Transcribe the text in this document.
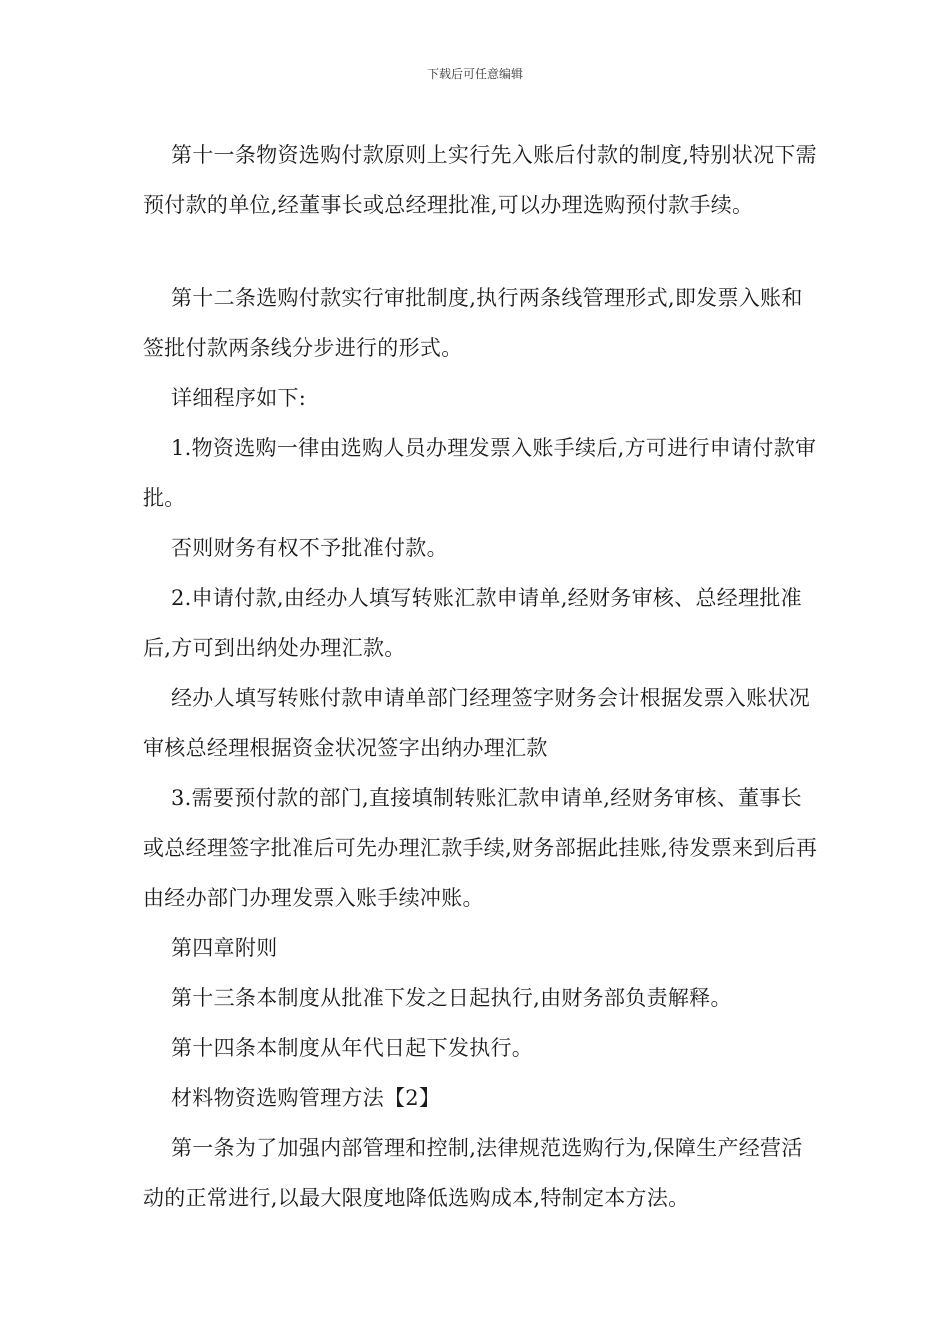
下载后可任意编辑

第十一条物资选购付款原则上实行先入账后付款的制度,特别状况下需预付款的单位,经董事长或总经理批准,可以办理选购预付款手续。

第十二条选购付款实行审批制度,执行两条线管理形式,即发票入账和签批付款两条线分步进行的形式。

详细程序如下:

1.物资选购一律由选购人员办理发票入账手续后,方可进行申请付款审批。

否则财务有权不予批准付款。

2.申请付款,由经办人填写转账汇款申请单,经财务审核、总经理批准后,方可到出纳处办理汇款。

经办人填写转账付款申请单部门经理签字财务会计根据发票入账状况审核总经理根据资金状况签字出纳办理汇款

3.需要预付款的部门,直接填制转账汇款申请单,经财务审核、董事长或总经理签字批准后可先办理汇款手续,财务部据此挂账,待发票来到后再由经办部门办理发票入账手续冲账。

第四章附则

第十三条本制度从批准下发之日起执行,由财务部负责解释。

第十四条本制度从年代日起下发执行。

材料物资选购管理方法【2】

第一条为了加强内部管理和控制,法律规范选购行为,保障生产经营活动的正常进行,以最大限度地降低选购成本,特制定本方法。
